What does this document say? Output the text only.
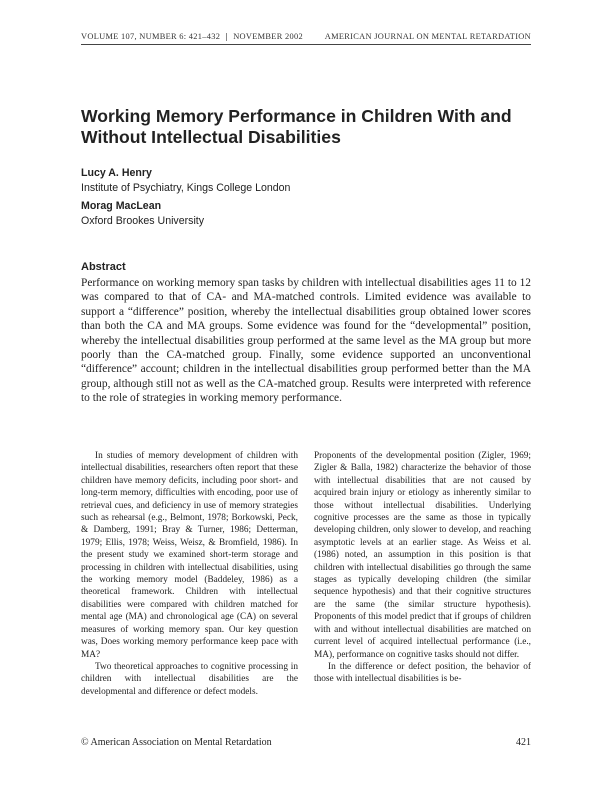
VOLUME 107, NUMBER 6: 421–432 | NOVEMBER 2002	AMERICAN JOURNAL ON MENTAL RETARDATION
Working Memory Performance in Children With and Without Intellectual Disabilities
Lucy A. Henry
Institute of Psychiatry, Kings College London
Morag MacLean
Oxford Brookes University
Abstract

Performance on working memory span tasks by children with intellectual disabilities ages 11 to 12 was compared to that of CA- and MA-matched controls. Limited evidence was available to support a “difference” position, whereby the intellectual disabilities group obtained lower scores than both the CA and MA groups. Some evidence was found for the “developmental” position, whereby the intellectual disabilities group performed at the same level as the MA group but more poorly than the CA-matched group. Finally, some evidence supported an unconventional “difference” account; children in the intellectual disabilities group performed better than the MA group, although still not as well as the CA-matched group. Results were interpreted with reference to the role of strategies in working memory performance.

In studies of memory development of children with intellectual disabilities, researchers often report that these children have memory deficits, including poor short- and long-term memory, difficulties with encoding, poor use of retrieval cues, and deficiency in use of memory strategies such as rehearsal (e.g., Belmont, 1978; Borkowski, Peck, & Damberg, 1991; Bray & Turner, 1986; Detterman, 1979; Ellis, 1978; Weiss, Weisz, & Bromfield, 1986). In the present study we examined short-term storage and processing in children with intellectual disabilities, using the working memory model (Baddeley, 1986) as a theoretical framework. Children with intellectual disabilities were compared with children matched for mental age (MA) and chronological age (CA) on several measures of working memory span. Our key question was, Does working memory performance keep pace with MA?

Two theoretical approaches to cognitive processing in children with intellectual disabilities are the developmental and difference or defect models.

Proponents of the developmental position (Zigler, 1969; Zigler & Balla, 1982) characterize the behavior of those with intellectual disabilities that are not caused by acquired brain injury or etiology as inherently similar to those without intellectual disabilities. Underlying cognitive processes are the same as those in typically developing children, only slower to develop, and reaching asymptotic levels at an earlier stage. As Weiss et al. (1986) noted, an assumption in this position is that children with intellectual disabilities go through the same stages as typically developing children (the similar sequence hypothesis) and that their cognitive structures are the same (the similar structure hypothesis). Proponents of this model predict that if groups of children with and without intellectual disabilities are matched on current level of acquired intellectual performance (i.e., MA), performance on cognitive tasks should not differ.

In the difference or defect position, the behavior of those with intellectual disabilities is be-

© American Association on Mental Retardation	421
